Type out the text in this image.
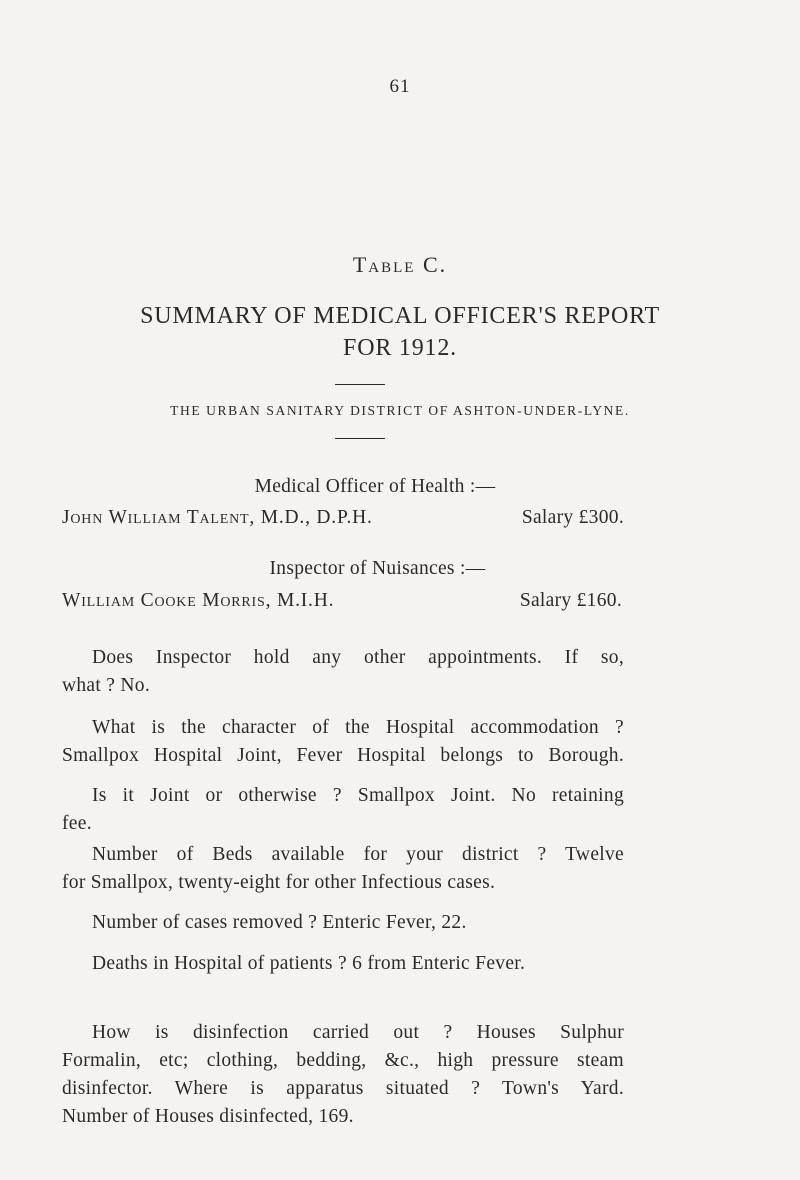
61
Table C.
SUMMARY OF MEDICAL OFFICER'S REPORT
FOR 1912.
THE URBAN SANITARY DISTRICT OF ASHTON-UNDER-LYNE.
Medical Officer of Health :—
John William Talent, M.D., D.P.H.	Salary £300.
Inspector of Nuisances :—
William Cooke Morris, M.I.H.	Salary £160.
Does Inspector hold any other appointments. If so,
what ? No.
What is the character of the Hospital accommodation ?
Smallpox Hospital Joint, Fever Hospital belongs to Borough.
Is it Joint or otherwise ? Smallpox Joint. No retaining
fee.
Number of Beds available for your district ? Twelve
for Smallpox, twenty-eight for other Infectious cases.
Number of cases removed ? Enteric Fever, 22.
Deaths in Hospital of patients ? 6 from Enteric Fever.
How is disinfection carried out ? Houses Sulphur
Formalin, etc; clothing, bedding, &c., high pressure steam
disinfector. Where is apparatus situated ? Town's Yard.
Number of Houses disinfected, 169.
